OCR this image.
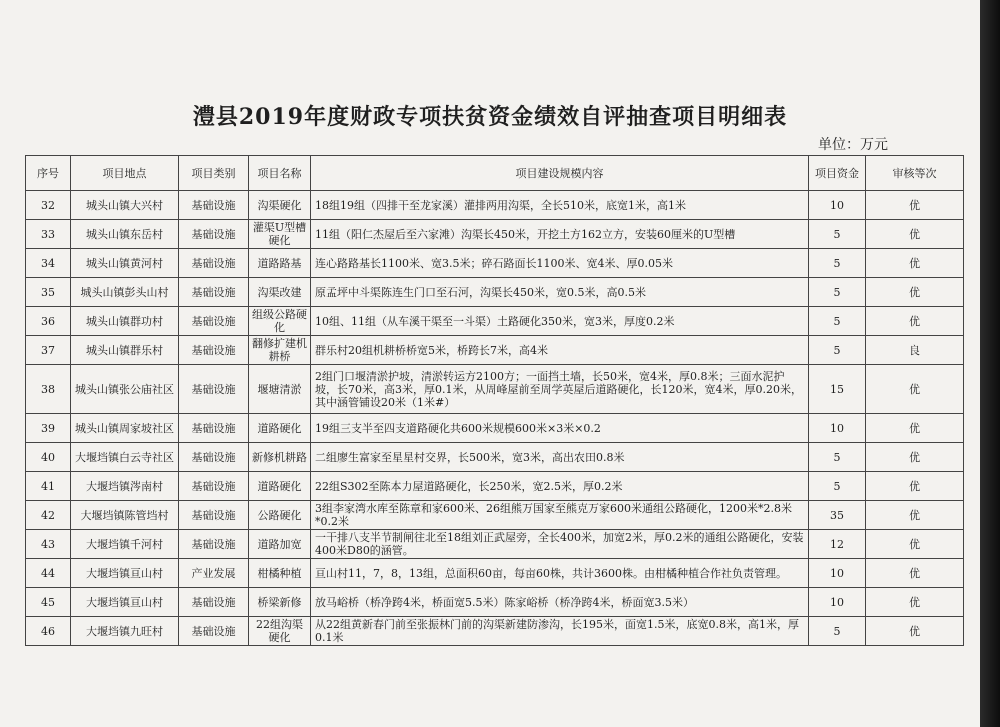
澧县2019年度财政专项扶贫资金绩效自评抽查项目明细表
单位：万元
序号	项目地点	项目类别	项目名称	项目建设规模内容	项目资金	审核等次
32	城头山镇大兴村	基础设施	沟渠硬化	18组19组（四排干至龙家溪）灌排两用沟渠，全长510米，底宽1米，高1米	10	优
33	城头山镇东岳村	基础设施	灌渠U型槽硬化	11组（阳仁杰屋后至六家滩）沟渠长450米，开挖土方162立方，安装60厘米的U型槽	5	优
34	城头山镇黄河村	基础设施	道路路基	连心路路基长1100米、宽3.5米；碎石路面长1100米、宽4米、厚0.05米	5	优
35	城头山镇彭头山村	基础设施	沟渠改建	原孟坪中斗渠陈连生门口至石河，沟渠长450米，宽0.5米，高0.5米	5	优
36	城头山镇群功村	基础设施	组级公路硬化	10组、11组（从车溪干渠至一斗渠）土路硬化350米，宽3米，厚度0.2米	5	优
37	城头山镇群乐村	基础设施	翻修扩建机耕桥	群乐村20组机耕桥桥宽5米，桥跨长7米，高4米	5	良
38	城头山镇张公庙社区	基础设施	堰塘清淤	2组门口堰清淤护坡，清淤转运方2100方；一面挡土墙，长50米，宽4米，厚0.8米；三面水泥护坡，长70米，高3米，厚0.1米，从周峰屋前至周学英屋后道路硬化，长120米，宽4米，厚0.20米，其中涵管铺设20米（1米#）	15	优
39	城头山镇周家坡社区	基础设施	道路硬化	19组三支半至四支道路硬化共600米规模600米×3米×0.2	10	优
40	大堰垱镇白云寺社区	基础设施	新修机耕路	二组廖生富家至星星村交界，长500米，宽3米，高出农田0.8米	5	优
41	大堰垱镇涔南村	基础设施	道路硬化	22组S302至陈本力屋道路硬化，长250米，宽2.5米，厚0.2米	5	优
42	大堰垱镇陈管垱村	基础设施	公路硬化	3组李家湾水库至陈章和家600米、26组熊万国家至熊克万家600米通组公路硬化，1200米*2.8米*0.2米	35	优
43	大堰垱镇千河村	基础设施	道路加宽	一干排八支半节制闸往北至18组刘正武屋旁，全长400米，加宽2米，厚0.2米的通组公路硬化，安装400米D80的涵管。	12	优
44	大堰垱镇亘山村	产业发展	柑橘种植	亘山村11，7，8，13组，总面积60亩，每亩60株，共计3600株。由柑橘种植合作社负责管理。	10	优
45	大堰垱镇亘山村	基础设施	桥梁新修	放马峪桥（桥净跨4米，桥面宽5.5米）陈家峪桥（桥净跨4米，桥面宽3.5米）	10	优
46	大堰垱镇九旺村	基础设施	22组沟渠硬化	从22组黄新春门前至张振林门前的沟渠新建防渗沟，长195米，面宽1.5米，底宽0.8米，高1米，厚0.1米	5	优
